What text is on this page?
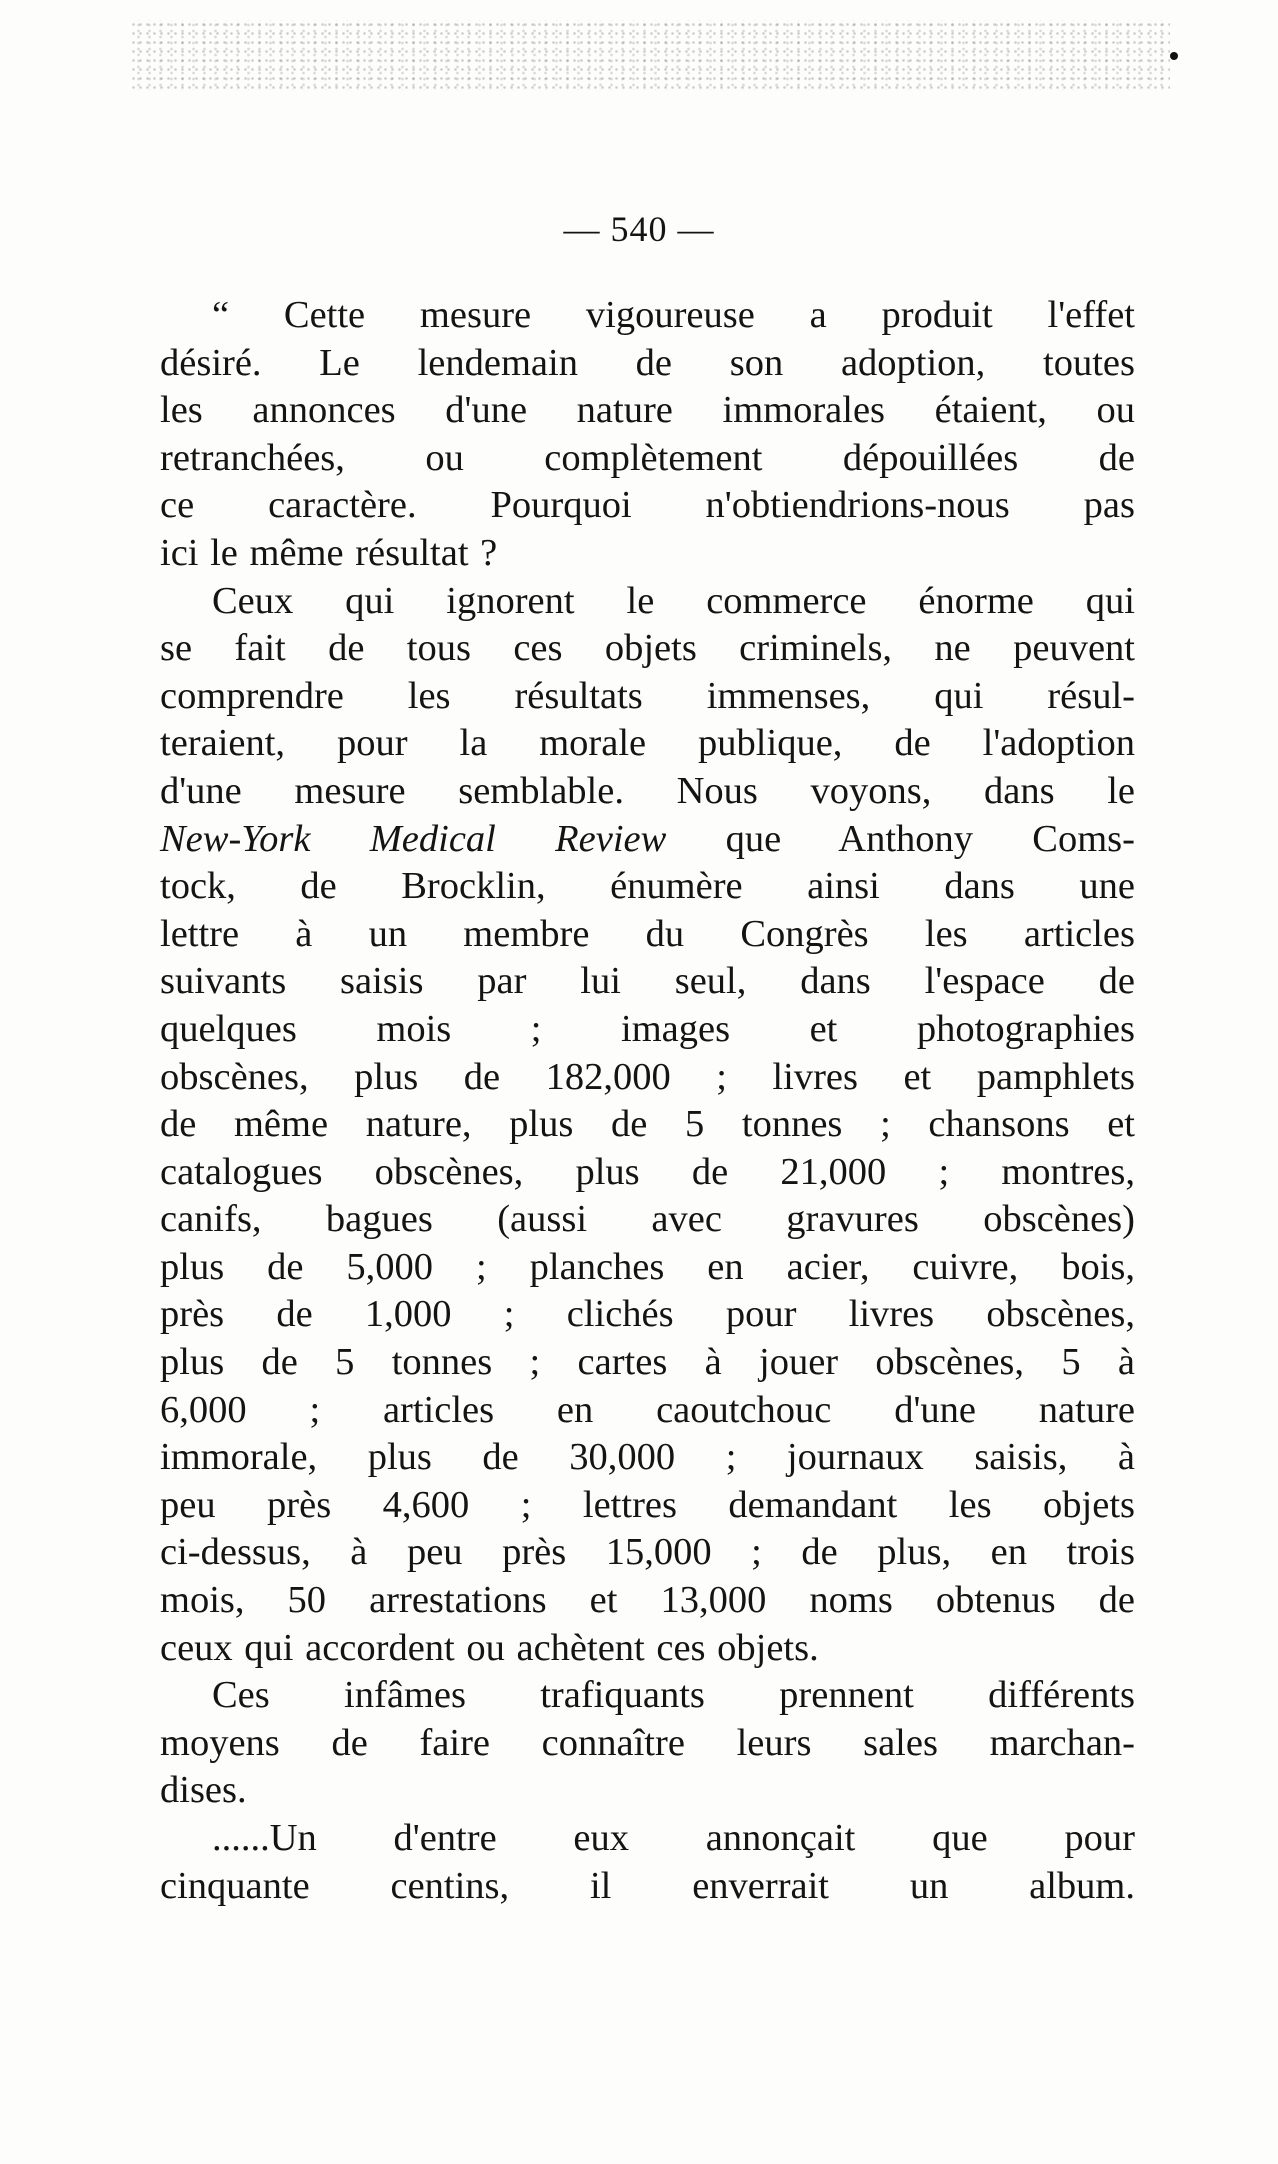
— 540 —
“ Cette mesure vigoureuse a produit l'effet
désiré. Le lendemain de son adoption, toutes
les annonces d'une nature immorales étaient, ou
retranchées, ou complètement dépouillées de
ce caractère. Pourquoi n'obtiendrions-nous pas
ici le même résultat ?
Ceux qui ignorent le commerce énorme qui
se fait de tous ces objets criminels, ne peuvent
comprendre les résultats immenses, qui résul-
teraient, pour la morale publique, de l'adoption
d'une mesure semblable. Nous voyons, dans le
New-York Medical Review que Anthony Coms-
tock, de Brocklin, énumère ainsi dans une
lettre à un membre du Congrès les articles
suivants saisis par lui seul, dans l'espace de
quelques mois ; images et photographies
obscènes, plus de 182,000 ; livres et pamphlets
de même nature, plus de 5 tonnes ; chansons et
catalogues obscènes, plus de 21,000 ; montres,
canifs, bagues (aussi avec gravures obscènes)
plus de 5,000 ; planches en acier, cuivre, bois,
près de 1,000 ; clichés pour livres obscènes,
plus de 5 tonnes ; cartes à jouer obscènes, 5 à
6,000 ; articles en caoutchouc d'une nature
immorale, plus de 30,000 ; journaux saisis, à
peu près 4,600 ; lettres demandant les objets
ci-dessus, à peu près 15,000 ; de plus, en trois
mois, 50 arrestations et 13,000 noms obtenus de
ceux qui accordent ou achètent ces objets.
Ces infâmes trafiquants prennent différents
moyens de faire connaître leurs sales marchan-
dises.
......Un d'entre eux annonçait que pour
cinquante centins, il enverrait un album.
